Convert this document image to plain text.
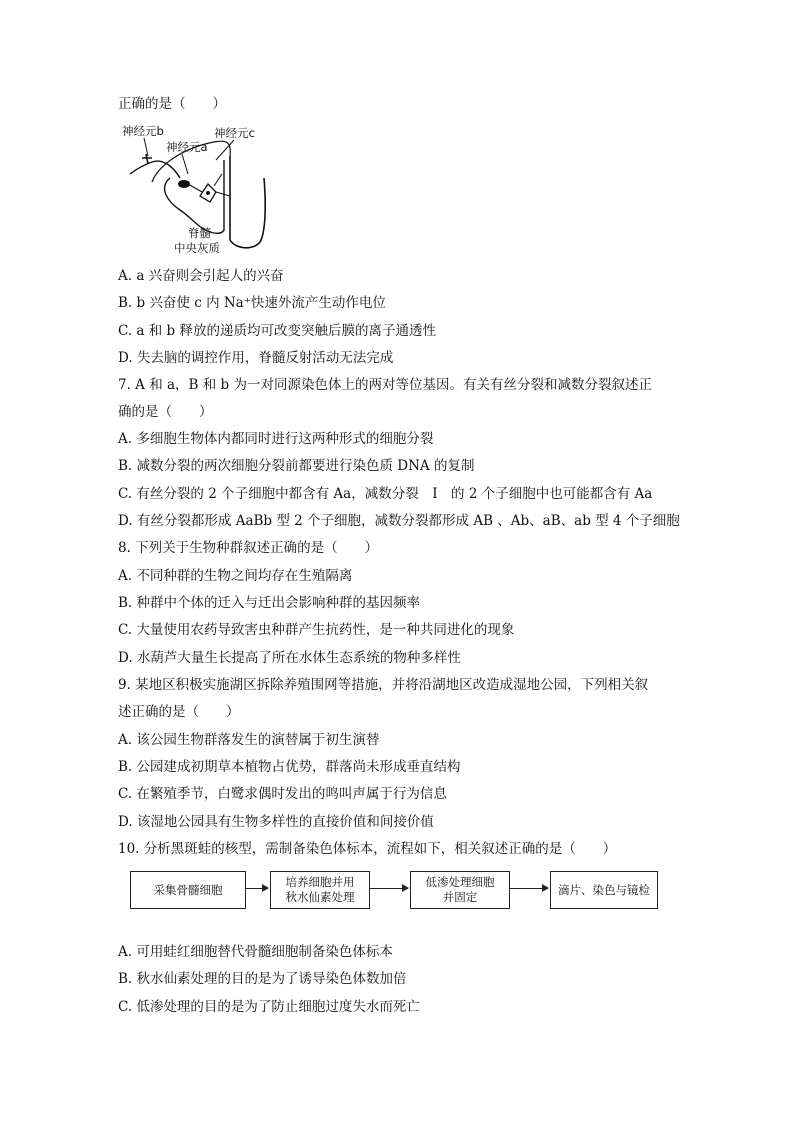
正确的是（　　）
神经元b
神经元a
神经元c
脊髓
中央灰质
A. a 兴奋则会引起人的兴奋
B. b 兴奋使 c 内 Na⁺快速外流产生动作电位
C. a 和 b 释放的递质均可改变突触后膜的离子通透性
D. 失去脑的调控作用，脊髓反射活动无法完成
7. A 和 a，B 和 b 为一对同源染色体上的两对等位基因。有关有丝分裂和减数分裂叙述正
确的是（　　）
A. 多细胞生物体内都同时进行这两种形式的细胞分裂
B. 减数分裂的两次细胞分裂前都要进行染色质 DNA 的复制
C. 有丝分裂的 2 个子细胞中都含有 Aa，减数分裂　Ⅰ　的 2 个子细胞中也可能都含有 Aa
D. 有丝分裂都形成 AaBb 型 2 个子细胞，减数分裂都形成 AB 、Ab、aB、ab 型 4 个子细胞
8. 下列关于生物种群叙述正确的是（　　）
A. 不同种群的生物之间均存在生殖隔离
B. 种群中个体的迁入与迁出会影响种群的基因频率
C. 大量使用农药导致害虫种群产生抗药性，是一种共同进化的现象
D. 水葫芦大量生长提高了所在水体生态系统的物种多样性
9. 某地区积极实施湖区拆除养殖围网等措施，并将沿湖地区改造成湿地公园，下列相关叙
述正确的是（　　）
A. 该公园生物群落发生的演替属于初生演替
B. 公园建成初期草本植物占优势，群落尚未形成垂直结构
C. 在繁殖季节，白鹭求偶时发出的鸣叫声属于行为信息
D. 该湿地公园具有生物多样性的直接价值和间接价值
10. 分析黑斑蛙的核型，需制备染色体标本，流程如下，相关叙述正确的是（　　）
采集骨髓细胞
培养细胞并用
秋水仙素处理
低渗处理细胞
并固定
滴片、染色与镜检
A. 可用蛙红细胞替代骨髓细胞制备染色体标本
B. 秋水仙素处理的目的是为了诱导染色体数加倍
C. 低渗处理的目的是为了防止细胞过度失水而死亡
